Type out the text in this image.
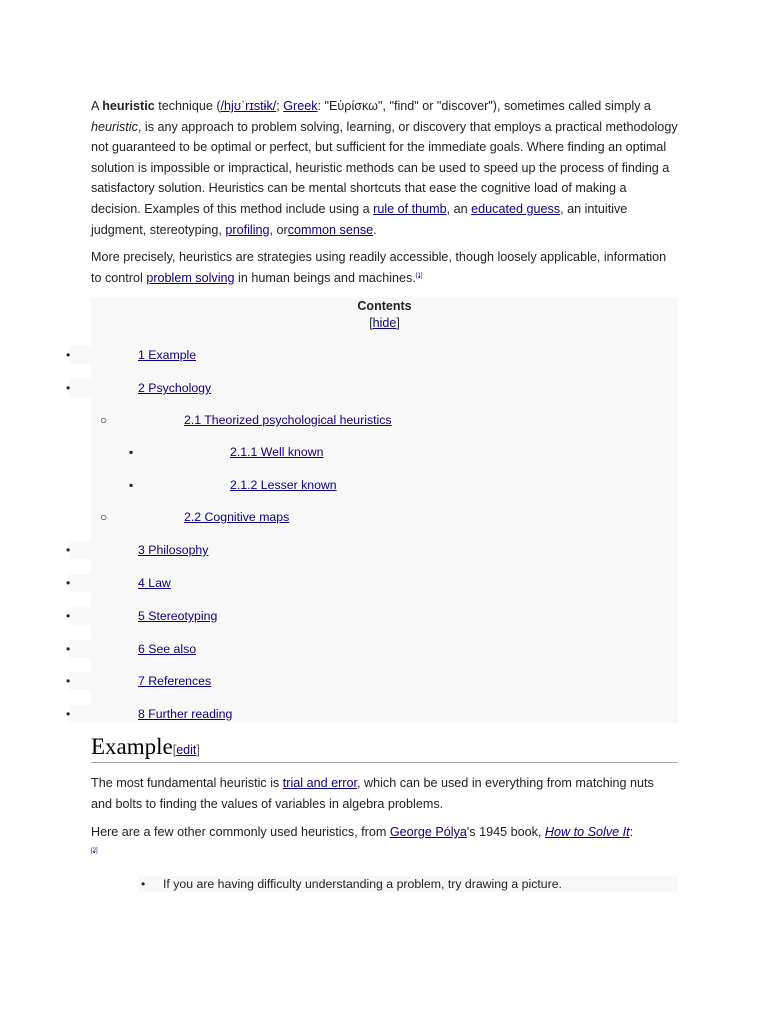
A heuristic technique (/hjʊˈrɪstɨk/; Greek: "Εὑρίσκω", "find" or "discover"), sometimes called simply a heuristic, is any approach to problem solving, learning, or discovery that employs a practical methodology not guaranteed to be optimal or perfect, but sufficient for the immediate goals. Where finding an optimal solution is impossible or impractical, heuristic methods can be used to speed up the process of finding a satisfactory solution. Heuristics can be mental shortcuts that ease the cognitive load of making a decision. Examples of this method include using a rule of thumb, an educated guess, an intuitive judgment, stereotyping, profiling, orcommon sense.

More precisely, heuristics are strategies using readily accessible, though loosely applicable, information to control problem solving in human beings and machines.[1]

Contents
[hide]
•	1 Example
•	2 Psychology
○	2.1 Theorized psychological heuristics
▪	2.1.1 Well known
▪	2.1.2 Lesser known
○	2.2 Cognitive maps
•	3 Philosophy
•	4 Law
•	5 Stereotyping
•	6 See also
•	7 References
•	8 Further reading
Example[edit]

The most fundamental heuristic is trial and error, which can be used in everything from matching nuts and bolts to finding the values of variables in algebra problems.

Here are a few other commonly used heuristics, from George Pólya's 1945 book, How to Solve It:
[2]

• If you are having difficulty understanding a problem, try drawing a picture.
